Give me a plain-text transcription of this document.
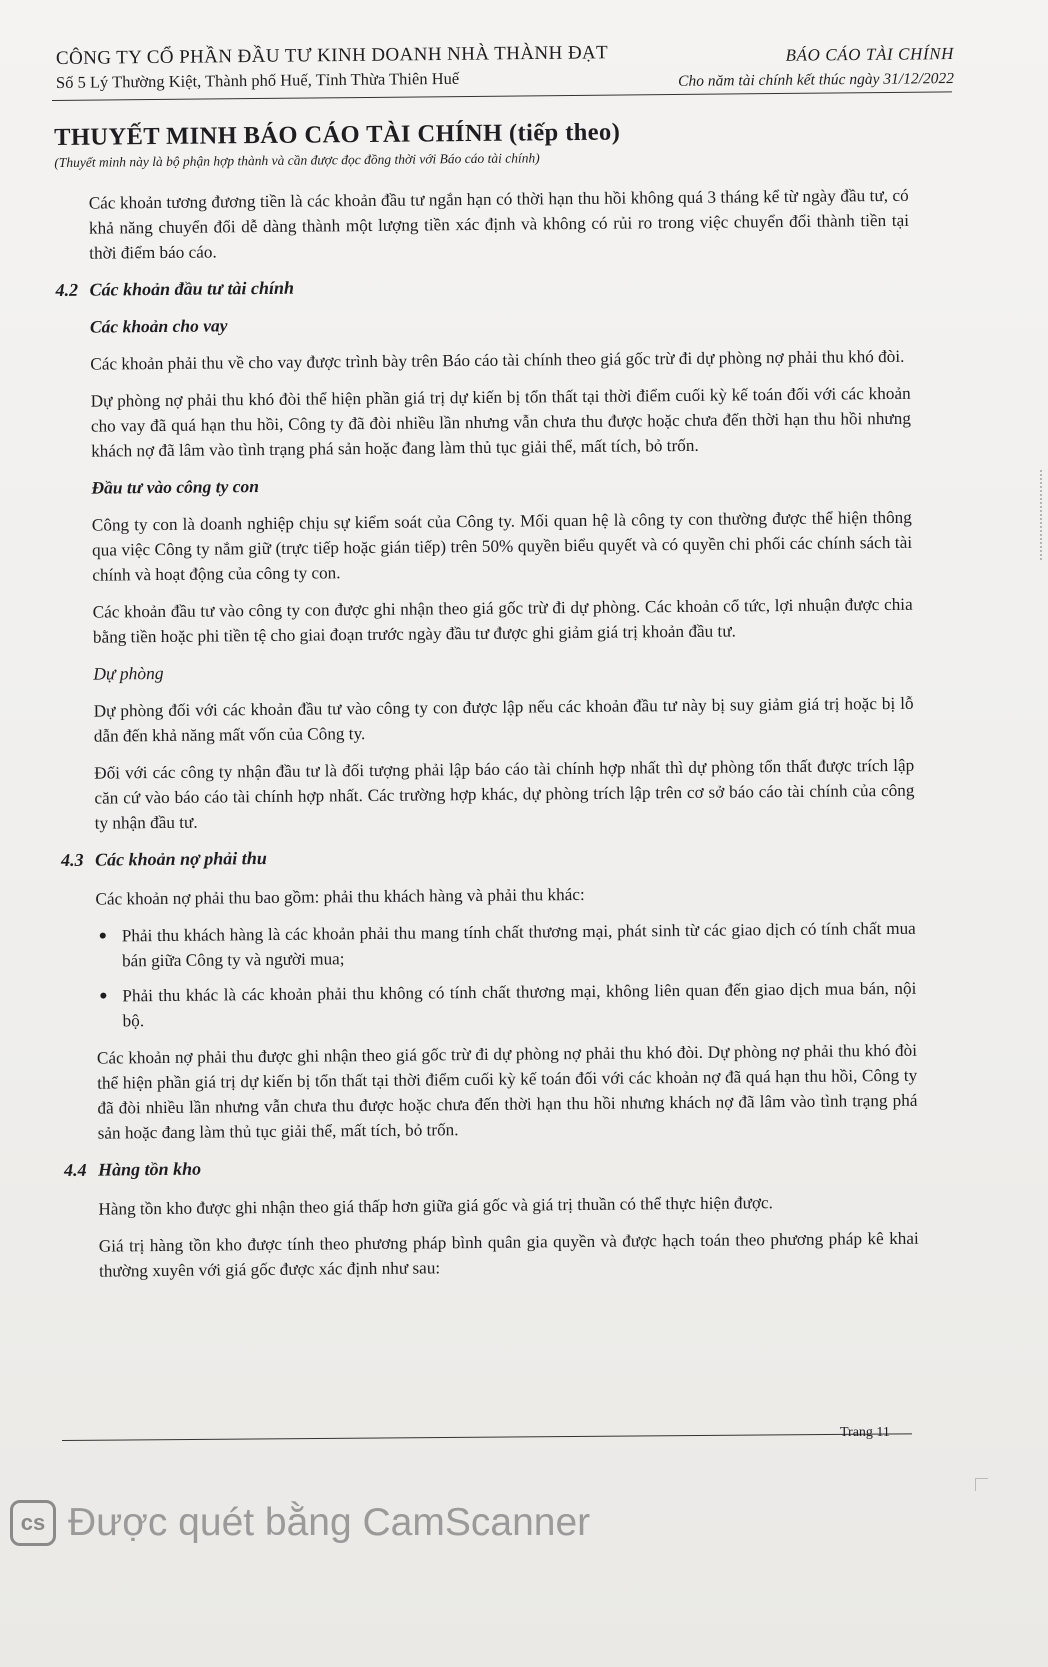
CÔNG TY CỔ PHẦN ĐẦU TƯ KINH DOANH NHÀ THÀNH ĐẠT
Số 5 Lý Thường Kiệt, Thành phố Huế, Tỉnh Thừa Thiên Huế
BÁO CÁO TÀI CHÍNH
Cho năm tài chính kết thúc ngày 31/12/2022
THUYẾT MINH BÁO CÁO TÀI CHÍNH (tiếp theo)
(Thuyết minh này là bộ phận hợp thành và cần được đọc đồng thời với Báo cáo tài chính)

Các khoản tương đương tiền là các khoản đầu tư ngắn hạn có thời hạn thu hồi không quá 3 tháng kể từ ngày đầu tư, có khả năng chuyển đổi dễ dàng thành một lượng tiền xác định và không có rủi ro trong việc chuyển đổi thành tiền tại thời điểm báo cáo.

4.2 Các khoản đầu tư tài chính
Các khoản cho vay

Các khoản phải thu về cho vay được trình bày trên Báo cáo tài chính theo giá gốc trừ đi dự phòng nợ phải thu khó đòi.

Dự phòng nợ phải thu khó đòi thể hiện phần giá trị dự kiến bị tổn thất tại thời điểm cuối kỳ kế toán đối với các khoản cho vay đã quá hạn thu hồi, Công ty đã đòi nhiều lần nhưng vẫn chưa thu được hoặc chưa đến thời hạn thu hồi nhưng khách nợ đã lâm vào tình trạng phá sản hoặc đang làm thủ tục giải thể, mất tích, bỏ trốn.

Đầu tư vào công ty con

Công ty con là doanh nghiệp chịu sự kiểm soát của Công ty. Mối quan hệ là công ty con thường được thể hiện thông qua việc Công ty nắm giữ (trực tiếp hoặc gián tiếp) trên 50% quyền biểu quyết và có quyền chi phối các chính sách tài chính và hoạt động của công ty con.

Các khoản đầu tư vào công ty con được ghi nhận theo giá gốc trừ đi dự phòng. Các khoản cổ tức, lợi nhuận được chia bằng tiền hoặc phi tiền tệ cho giai đoạn trước ngày đầu tư được ghi giảm giá trị khoản đầu tư.

Dự phòng

Dự phòng đối với các khoản đầu tư vào công ty con được lập nếu các khoản đầu tư này bị suy giảm giá trị hoặc bị lỗ dẫn đến khả năng mất vốn của Công ty.

Đối với các công ty nhận đầu tư là đối tượng phải lập báo cáo tài chính hợp nhất thì dự phòng tổn thất được trích lập căn cứ vào báo cáo tài chính hợp nhất. Các trường hợp khác, dự phòng trích lập trên cơ sở báo cáo tài chính của công ty nhận đầu tư.

4.3 Các khoản nợ phải thu

Các khoản nợ phải thu bao gồm: phải thu khách hàng và phải thu khác:

Phải thu khách hàng là các khoản phải thu mang tính chất thương mại, phát sinh từ các giao dịch có tính chất mua bán giữa Công ty và người mua;
Phải thu khác là các khoản phải thu không có tính chất thương mại, không liên quan đến giao dịch mua bán, nội bộ.

Các khoản nợ phải thu được ghi nhận theo giá gốc trừ đi dự phòng nợ phải thu khó đòi. Dự phòng nợ phải thu khó đòi thể hiện phần giá trị dự kiến bị tổn thất tại thời điểm cuối kỳ kế toán đối với các khoản nợ đã quá hạn thu hồi, Công ty đã đòi nhiều lần nhưng vẫn chưa thu được hoặc chưa đến thời hạn thu hồi nhưng khách nợ đã lâm vào tình trạng phá sản hoặc đang làm thủ tục giải thể, mất tích, bỏ trốn.

4.4 Hàng tồn kho

Hàng tồn kho được ghi nhận theo giá thấp hơn giữa giá gốc và giá trị thuần có thể thực hiện được.

Giá trị hàng tồn kho được tính theo phương pháp bình quân gia quyền và được hạch toán theo phương pháp kê khai thường xuyên với giá gốc được xác định như sau:

Trang 11
cs Được quét bằng CamScanner
